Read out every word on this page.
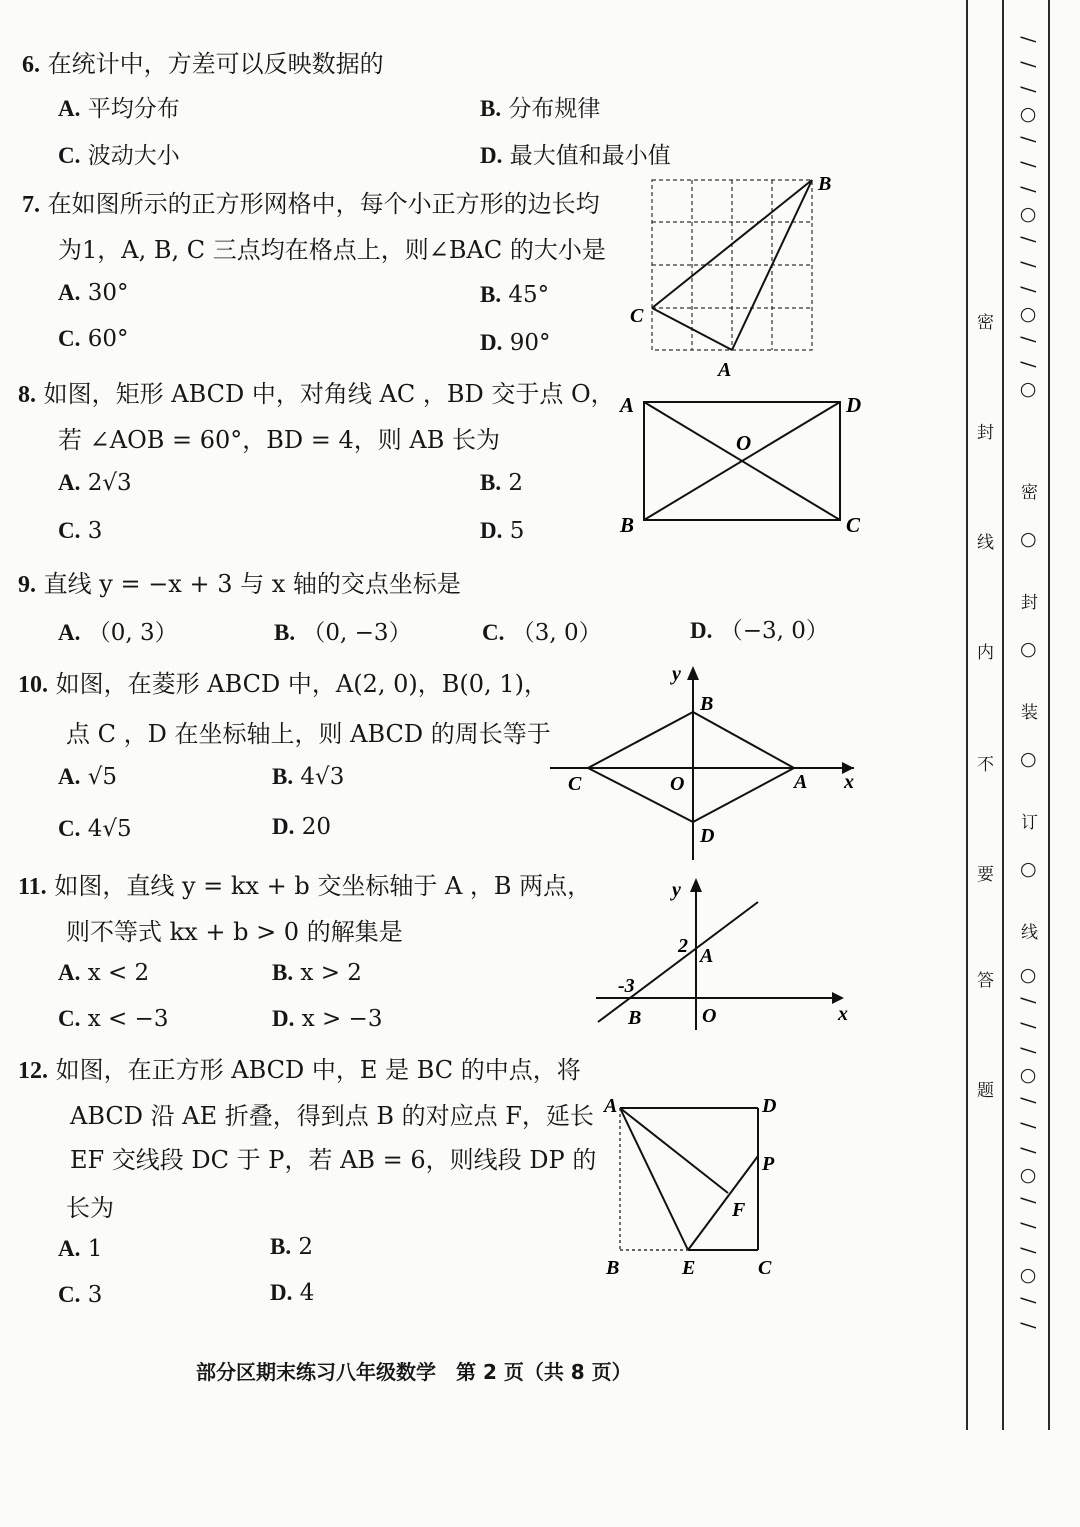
6. 在统计中，方差可以反映数据的
A. 平均分布	B. 分布规律
C. 波动大小	D. 最大值和最小值
7. 在如图所示的正方形网格中，每个小正方形的边长均
为1，A, B, C 三点均在格点上，则∠BAC 的大小是
A. 30°	B. 45°
C. 60°	D. 90°
B
C
A
8. 如图，矩形 ABCD 中，对角线 AC ，BD 交于点 O，
若 ∠AOB = 60°，BD = 4，则 AB 长为
A. 2√3	B. 2
C. 3	D. 5
A	D
O
B	C
9. 直线 y = −x + 3 与 x 轴的交点坐标是
A. （0, 3）	B. （0, −3）	C. （3, 0）	D. （−3, 0）
10. 如图，在菱形 ABCD 中，A(2, 0)，B(0, 1)，
点 C ，D 在坐标轴上，则 ABCD 的周长等于
A. √5	B. 4√3
C. 4√5	D. 20
y
B
C	O	A x
D
11. 如图，直线 y = kx + b 交坐标轴于 A ，B 两点，
则不等式 kx + b > 0 的解集是
A. x < 2	B. x > 2
C. x < −3	D. x > −3
y
2 A
-3
B	O	x
12. 如图，在正方形 ABCD 中，E 是 BC 的中点，将
ABCD 沿 AE 折叠，得到点 B 的对应点 F，延长
EF 交线段 DC 于 P，若 AB = 6，则线段 DP 的
长为
A. 1	B. 2
C. 3	D. 4
A	D
P
F
B	E	C
部分区期末练习八年级数学　第 2 页（共 8 页）
密
封
线
内
不
要
答
题
/
/
/
○
/
/
/
○
/
/
/
○
/
/
○
密
○
封
○
装
○
订
○
线
○
/
/
/
○
/
/
/
○
/
/
/
○
/
/
